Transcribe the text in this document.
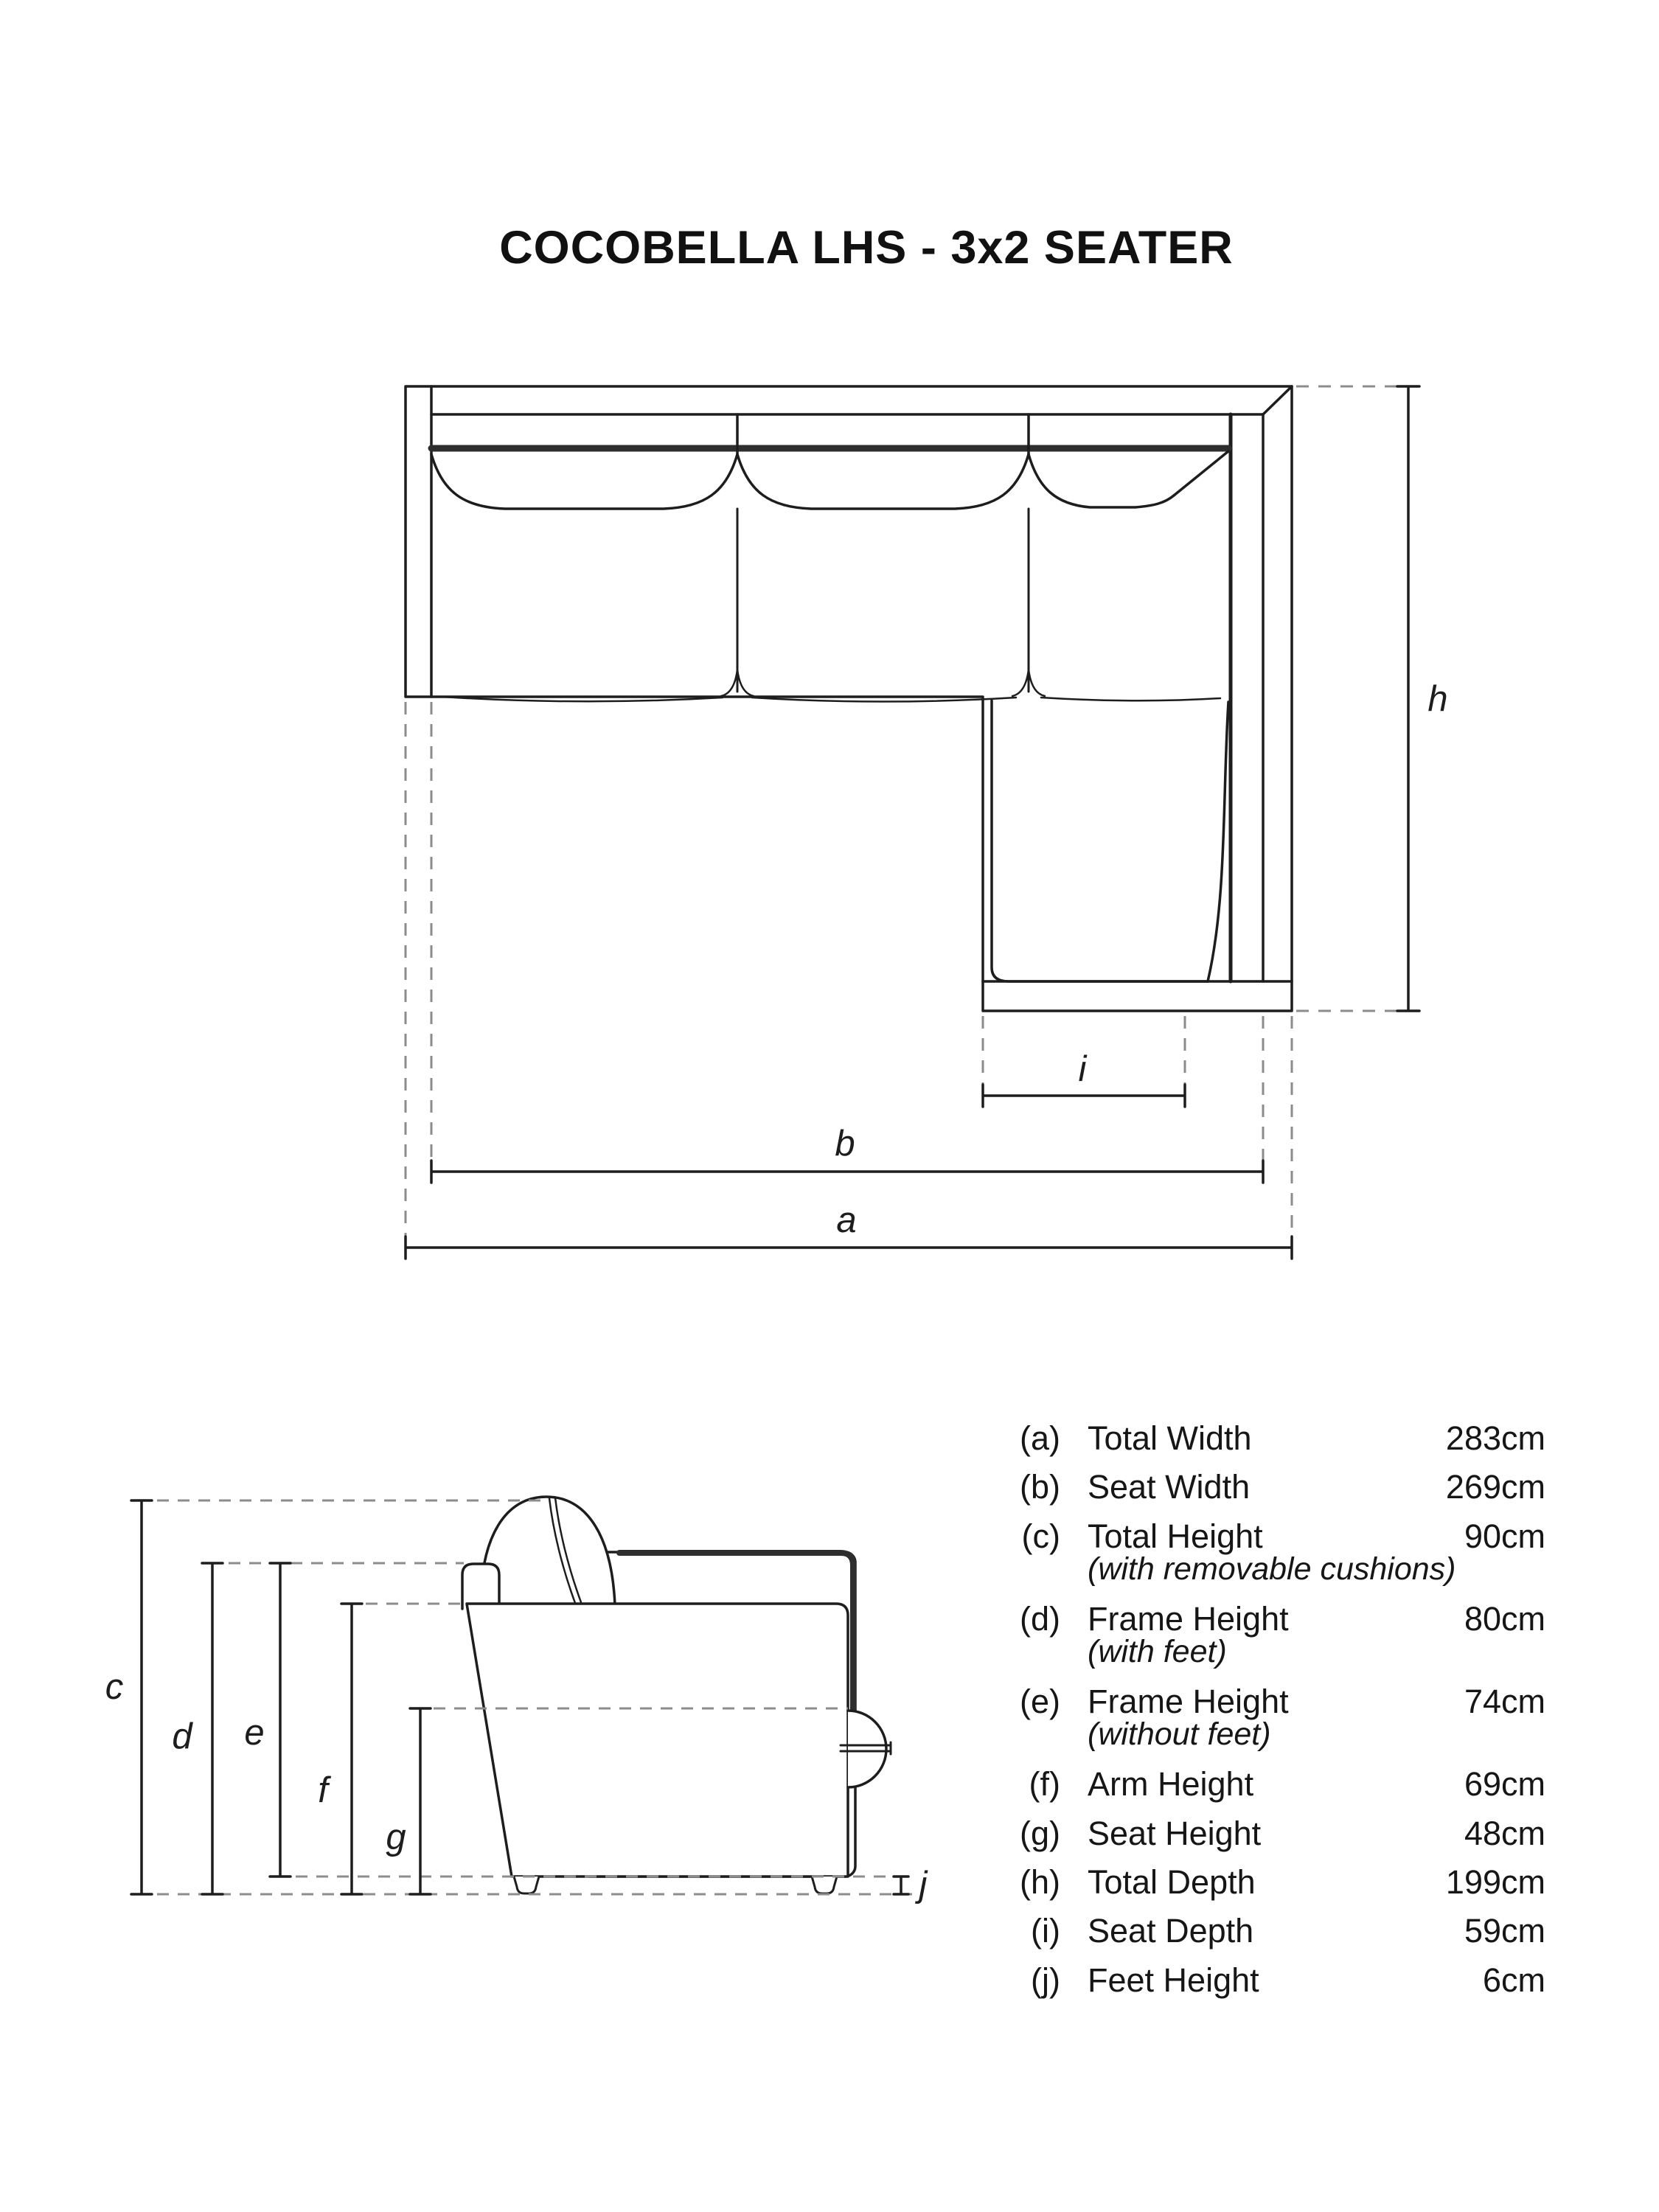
COCOBELLA LHS - 3x2 SEATER
h
i
b
a
c
d e
f
g
j
(a) Total Width	283cm
(b) Seat Width	269cm
(c) Total Height	90cm
(with removable cushions)
(d) Frame Height	80cm
(with feet)
(e) Frame Height	74cm
(without feet)
(f) Arm Height	69cm
(g) Seat Height	48cm
(h) Total Depth	199cm
(i) Seat Depth	59cm
(j) Feet Height	6cm
